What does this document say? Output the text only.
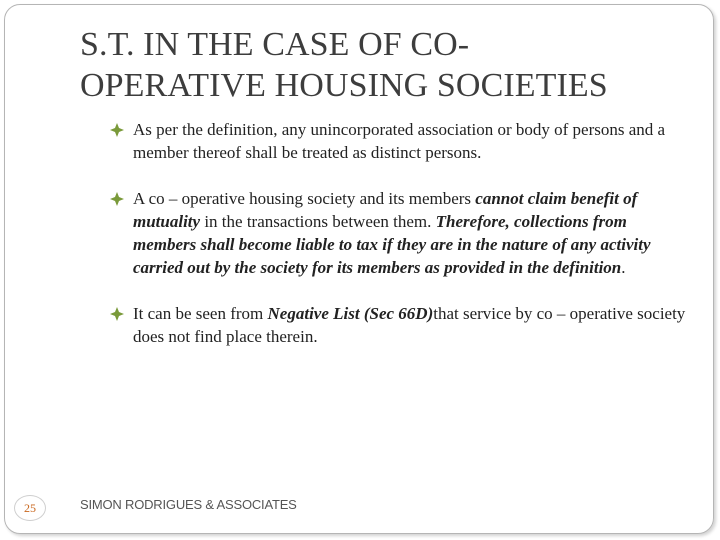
S.T. IN THE CASE OF CO-
OPERATIVE HOUSING SOCIETIES
As per the definition, any unincorporated association or body of persons and a member thereof shall be treated as distinct persons.
A co – operative housing society and its members cannot claim benefit of mutuality in the transactions between them. Therefore, collections from members shall become liable to tax if they are in the nature of any activity carried out by the society for its members as provided in the definition.
It can be seen from Negative List (Sec 66D)that service by co – operative society does not find place therein.
25	SIMON RODRIGUES & ASSOCIATES
